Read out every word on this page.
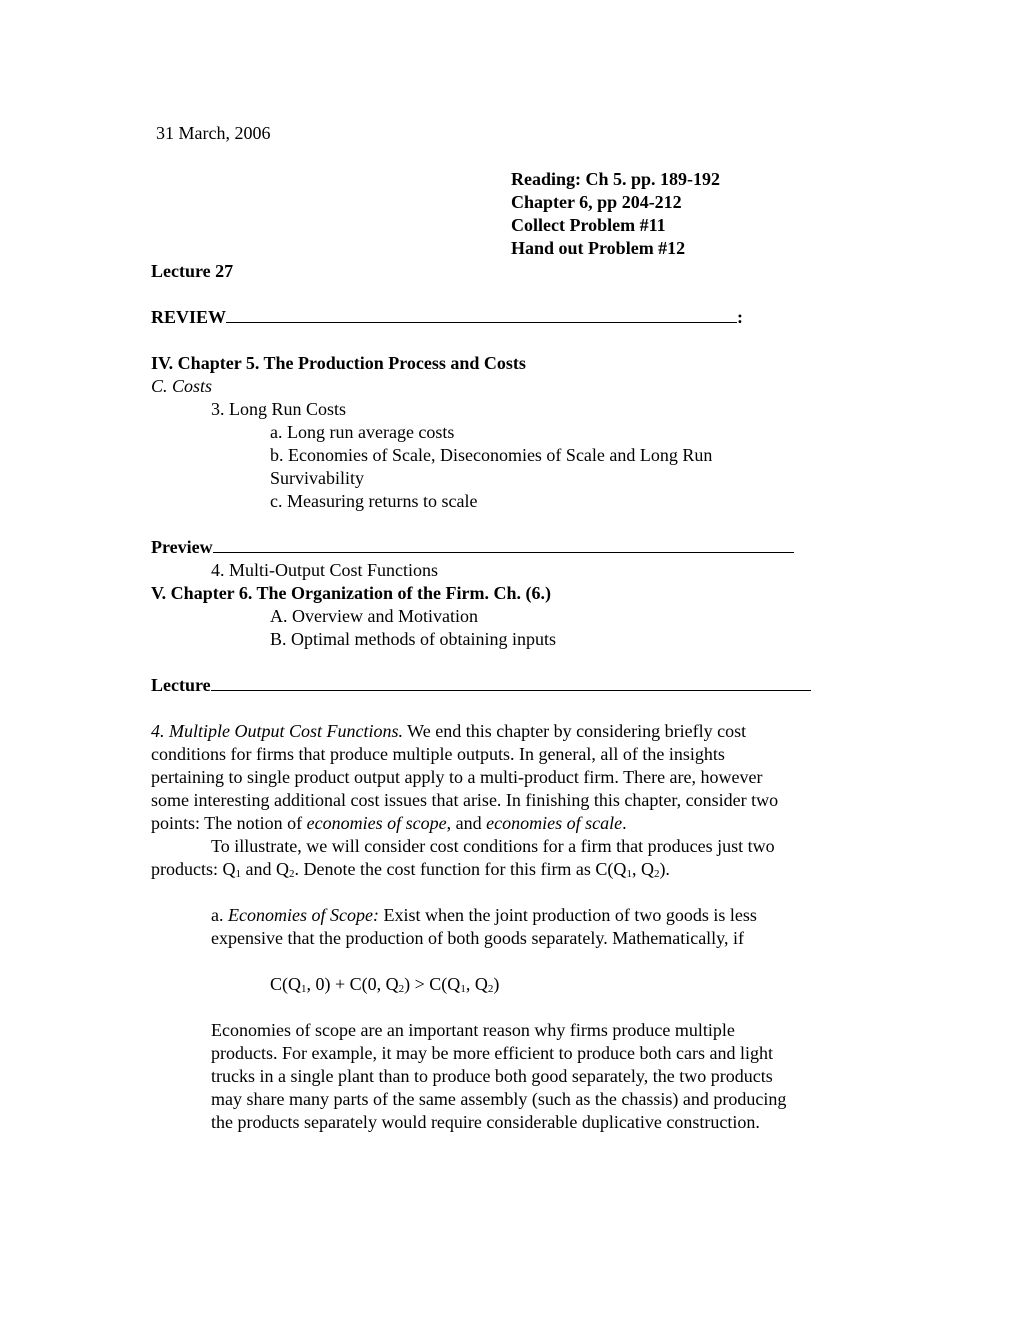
31 March, 2006
Reading: Ch 5. pp. 189-192
Chapter 6, pp 204-212
Collect Problem #11
Hand out Problem #12
Lecture 27
REVIEW	:
IV. Chapter 5. The Production Process and Costs
C. Costs
3. Long Run Costs
a. Long run average costs
b. Economies of Scale, Diseconomies of Scale and Long Run
Survivability
c. Measuring returns to scale
Preview
4. Multi-Output Cost Functions
V. Chapter 6. The Organization of the Firm. Ch. (6.)
A. Overview and Motivation
B. Optimal methods of obtaining inputs
Lecture
4. Multiple Output Cost Functions. We end this chapter by considering briefly cost
conditions for firms that produce multiple outputs. In general, all of the insights
pertaining to single product output apply to a multi-product firm. There are, however
some interesting additional cost issues that arise. In finishing this chapter, consider two
points: The notion of economies of scope, and economies of scale.
To illustrate, we will consider cost conditions for a firm that produces just two
products: $Q_1$ and $Q_2$. Denote the cost function for this firm as $C(Q_1$, $Q_2$).
a. Economies of Scope: Exist when the joint production of two goods is less
expensive that the production of both goods separately. Mathematically, if
$C(Q_1$, 0) + C(0, $Q_2) > C(Q_1$, $Q_2$)
Economies of scope are an important reason why firms produce multiple
products. For example, it may be more efficient to produce both cars and light
trucks in a single plant than to produce both good separately, the two products
may share many parts of the same assembly (such as the chassis) and producing
the products separately would require considerable duplicative construction.
